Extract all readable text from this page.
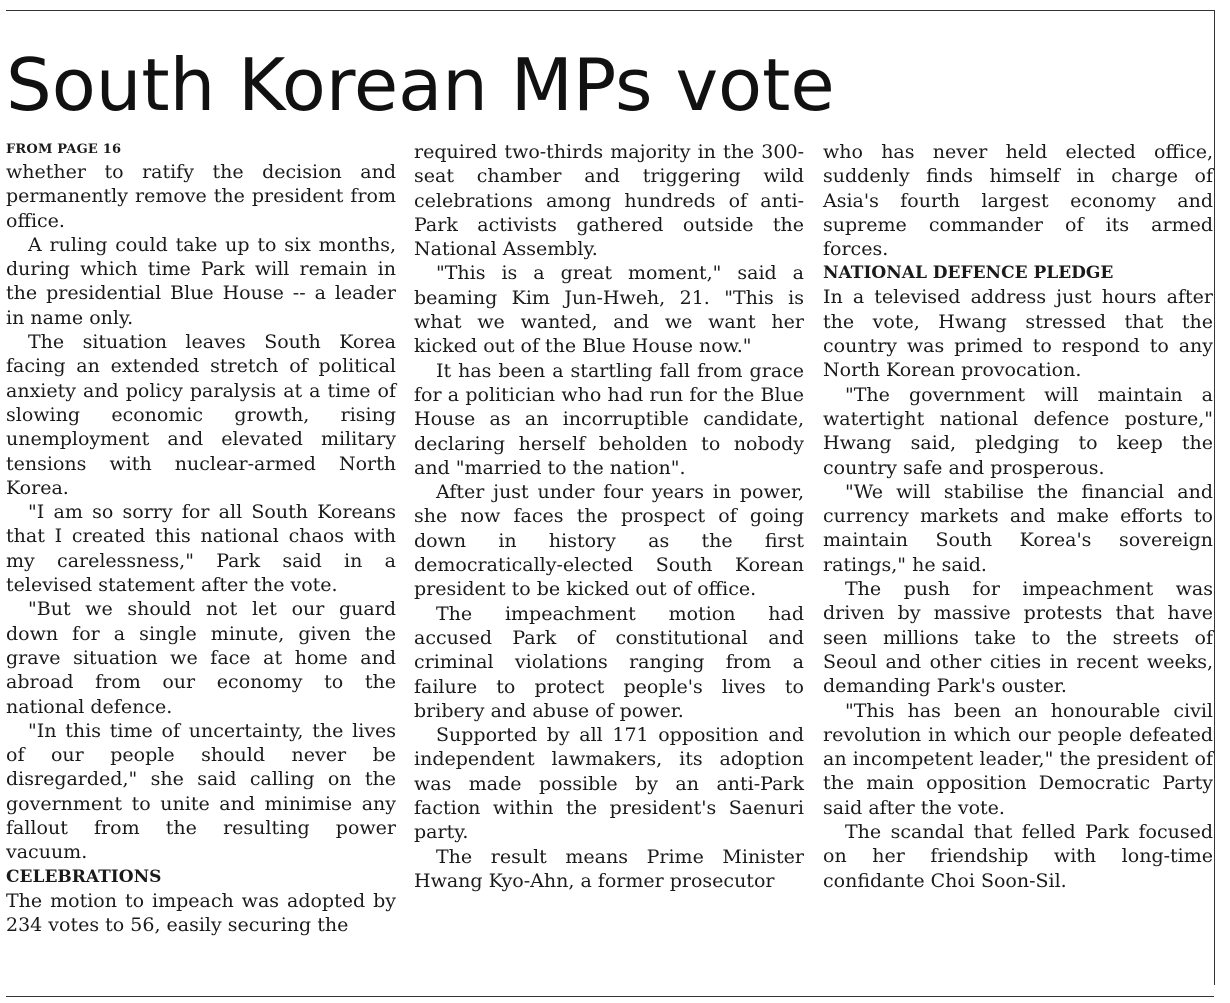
South Korean MPs vote
FROM PAGE 16

whether to ratify the decision and permanently remove the president from office.

A ruling could take up to six months, during which time Park will remain in the presidential Blue House -- a leader in name only.

The situation leaves South Korea facing an extended stretch of political anxiety and policy paralysis at a time of slowing economic growth, rising unemployment and elevated military tensions with nuclear-armed North Korea.

"I am so sorry for all South Koreans that I created this national chaos with my carelessness," Park said in a televised statement after the vote.

"But we should not let our guard down for a single minute, given the grave situation we face at home and abroad from our economy to the national defence.

"In this time of uncertainty, the lives of our people should never be disregarded," she said calling on the government to unite and minimise any fallout from the resulting power vacuum.

CELEBRATIONS

The motion to impeach was adopted by 234 votes to 56, easily securing the

required two-thirds majority in the 300-seat chamber and triggering wild celebrations among hundreds of anti-Park activists gathered outside the National Assembly.

"This is a great moment," said a beaming Kim Jun-Hweh, 21. "This is what we wanted, and we want her kicked out of the Blue House now."

It has been a startling fall from grace for a politician who had run for the Blue House as an incorruptible candidate, declaring herself beholden to nobody and "married to the nation".

After just under four years in power, she now faces the prospect of going down in history as the first democratically-elected South Korean president to be kicked out of office.

The impeachment motion had accused Park of constitutional and criminal violations ranging from a failure to protect people's lives to bribery and abuse of power.

Supported by all 171 opposition and independent lawmakers, its adoption was made possible by an anti-Park faction within the president's Saenuri party.

The result means Prime Minister Hwang Kyo-Ahn, a former prosecutor

who has never held elected office, suddenly finds himself in charge of Asia's fourth largest economy and supreme commander of its armed forces.

NATIONAL DEFENCE PLEDGE

In a televised address just hours after the vote, Hwang stressed that the country was primed to respond to any North Korean provocation.

"The government will maintain a watertight national defence posture," Hwang said, pledging to keep the country safe and prosperous.

"We will stabilise the financial and currency markets and make efforts to maintain South Korea's sovereign ratings," he said.

The push for impeachment was driven by massive protests that have seen millions take to the streets of Seoul and other cities in recent weeks, demanding Park's ouster.

"This has been an honourable civil revolution in which our people defeated an incompetent leader," the president of the main opposition Democratic Party said after the vote.

The scandal that felled Park focused on her friendship with long-time confidante Choi Soon-Sil.
